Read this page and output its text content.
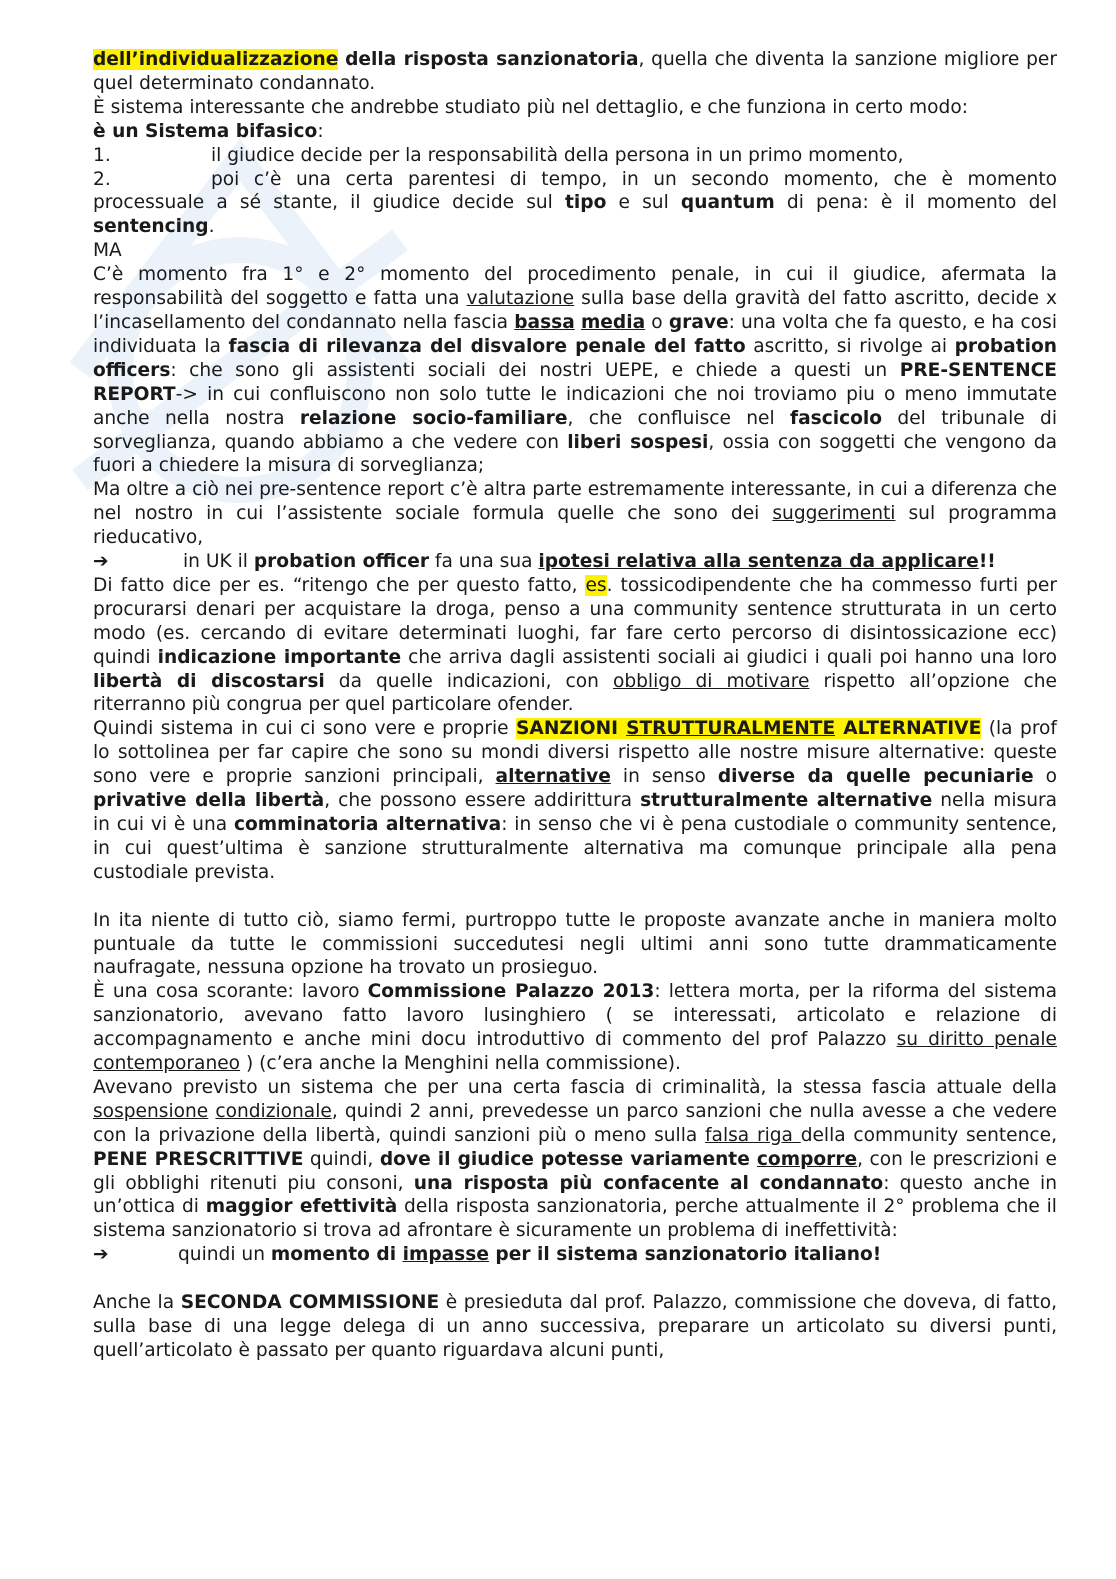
dell’individualizzazione della risposta sanzionatoria, quella che diventa la sanzione migliore per quel determinato condannato.

È sistema interessante che andrebbe studiato più nel dettaglio, e che funziona in certo modo:

è un Sistema bifasico:

1.	il giudice decide per la responsabilità della persona in un primo momento,

2.	poi c’è una certa parentesi di tempo, in un secondo momento, che è momento processuale a sé stante, il giudice decide sul tipo e sul quantum di pena: è il momento del sentencing.

MA

C’è momento fra 1° e 2° momento del procedimento penale, in cui il giudice, afermata la responsabilità del soggetto e fatta una valutazione sulla base della gravità del fatto ascritto, decide x l’incasellamento del condannato nella fascia bassa media o grave: una volta che fa questo, e ha cosi individuata la fascia di rilevanza del disvalore penale del fatto ascritto, si rivolge ai probation officers: che sono gli assistenti sociali dei nostri UEPE, e chiede a questi un PRE-SENTENCE REPORT-> in cui confluiscono non solo tutte le indicazioni che noi troviamo piu o meno immutate anche nella nostra relazione socio-familiare, che confluisce nel fascicolo del tribunale di sorveglianza, quando abbiamo a che vedere con liberi sospesi, ossia con soggetti che vengono da fuori a chiedere la misura di sorveglianza;

Ma oltre a ciò nei pre-sentence report c’è altra parte estremamente interessante, in cui a diferenza che nel nostro in cui l’assistente sociale formula quelle che sono dei suggerimenti sul programma rieducativo,

➔	in UK il probation officer fa una sua ipotesi relativa alla sentenza da applicare!!

Di fatto dice per es. “ritengo che per questo fatto, es. tossicodipendente che ha commesso furti per procurarsi denari per acquistare la droga, penso a una community sentence strutturata in un certo modo (es. cercando di evitare determinati luoghi, far fare certo percorso di disintossicazione ecc) quindi indicazione importante che arriva dagli assistenti sociali ai giudici i quali poi hanno una loro libertà di discostarsi da quelle indicazioni, con obbligo di motivare rispetto all’opzione che riterranno più congrua per quel particolare ofender.

Quindi sistema in cui ci sono vere e proprie SANZIONI STRUTTURALMENTE ALTERNATIVE (la prof lo sottolinea per far capire che sono su mondi diversi rispetto alle nostre misure alternative: queste sono vere e proprie sanzioni principali, alternative in senso diverse da quelle pecuniarie o privative della libertà, che possono essere addirittura strutturalmente alternative nella misura in cui vi è una comminatoria alternativa: in senso che vi è pena custodiale o community sentence, in cui quest’ultima è sanzione strutturalmente alternativa ma comunque principale alla pena custodiale prevista.

In ita niente di tutto ciò, siamo fermi, purtroppo tutte le proposte avanzate anche in maniera molto puntuale da tutte le commissioni succedutesi negli ultimi anni sono tutte drammaticamente naufragate, nessuna opzione ha trovato un prosieguo.

È una cosa scorante: lavoro Commissione Palazzo 2013: lettera morta, per la riforma del sistema sanzionatorio, avevano fatto lavoro lusinghiero ( se interessati, articolato e relazione di accompagnamento e anche mini docu introduttivo di commento del prof Palazzo su diritto penale contemporaneo ) (c’era anche la Menghini nella commissione).

Avevano previsto un sistema che per una certa fascia di criminalità, la stessa fascia attuale della sospensione condizionale, quindi 2 anni, prevedesse un parco sanzioni che nulla avesse a che vedere con la privazione della libertà, quindi sanzioni più o meno sulla falsa riga della community sentence, PENE PRESCRITTIVE quindi, dove il giudice potesse variamente comporre, con le prescrizioni e gli obblighi ritenuti piu consoni, una risposta più confacente al condannato: questo anche in un’ottica di maggior efettività della risposta sanzionatoria, perche attualmente il 2° problema che il sistema sanzionatorio si trova ad afrontare è sicuramente un problema di ineffettività:

➔	quindi un momento di impasse per il sistema sanzionatorio italiano!

Anche la SECONDA COMMISSIONE è presieduta dal prof. Palazzo, commissione che doveva, di fatto, sulla base di una legge delega di un anno successiva, preparare un articolato su diversi punti, quell’articolato è passato per quanto riguardava alcuni punti,
